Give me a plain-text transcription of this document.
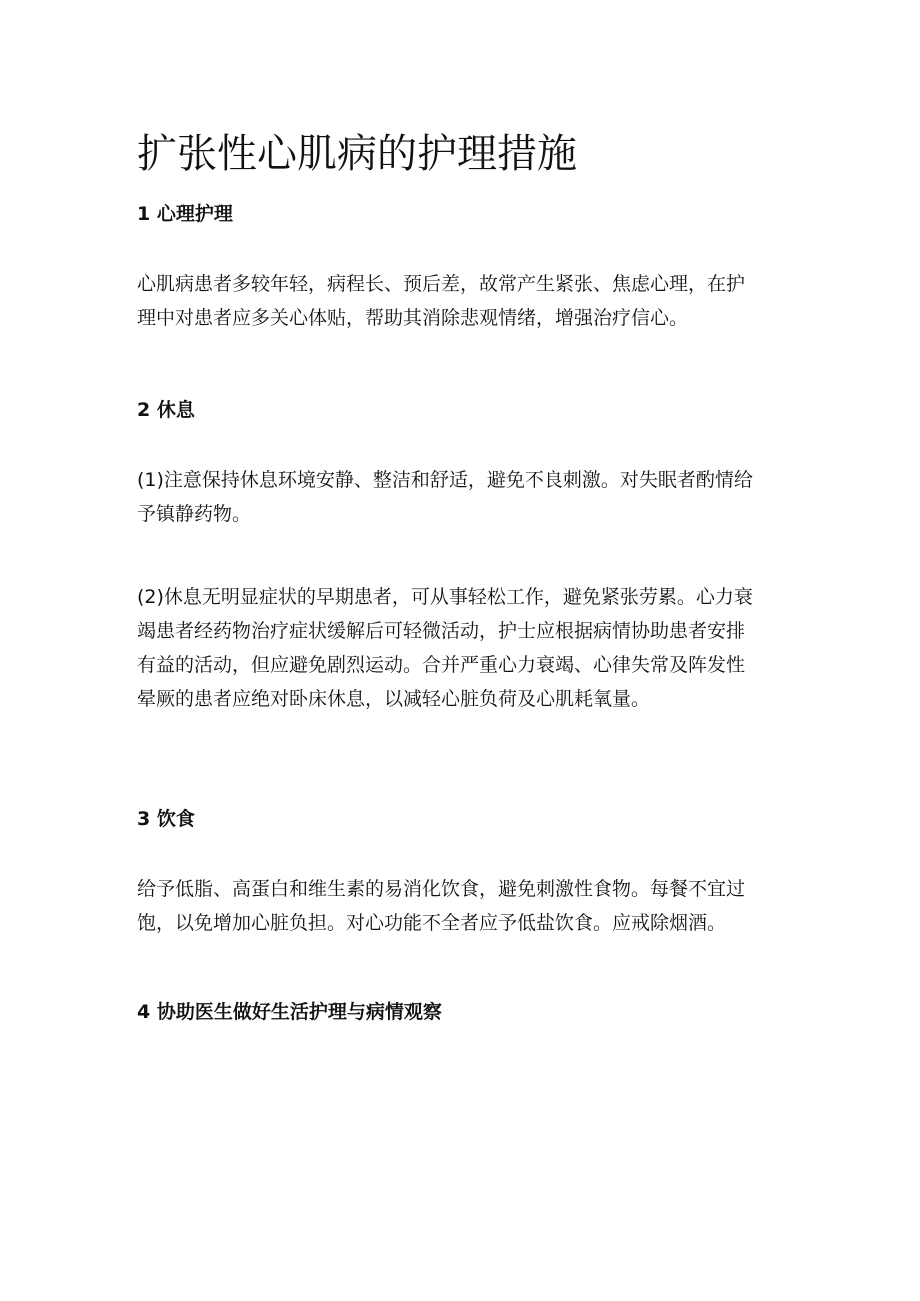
扩张性心肌病的护理措施
1 心理护理

心肌病患者多较年轻，病程长、预后差，故常产生紧张、焦虑心理，在护
理中对患者应多关心体贴，帮助其消除悲观情绪，增强治疗信心。

2 休息

(1)注意保持休息环境安静、整洁和舒适，避免不良刺激。对失眠者酌情给
予镇静药物。

(2)休息无明显症状的早期患者，可从事轻松工作，避免紧张劳累。心力衰
竭患者经药物治疗症状缓解后可轻微活动，护士应根据病情协助患者安排
有益的活动，但应避免剧烈运动。合并严重心力衰竭、心律失常及阵发性
晕厥的患者应绝对卧床休息，以减轻心脏负荷及心肌耗氧量。

3 饮食

给予低脂、高蛋白和维生素的易消化饮食，避免刺激性食物。每餐不宜过
饱，以免增加心脏负担。对心功能不全者应予低盐饮食。应戒除烟酒。

4 协助医生做好生活护理与病情观察
